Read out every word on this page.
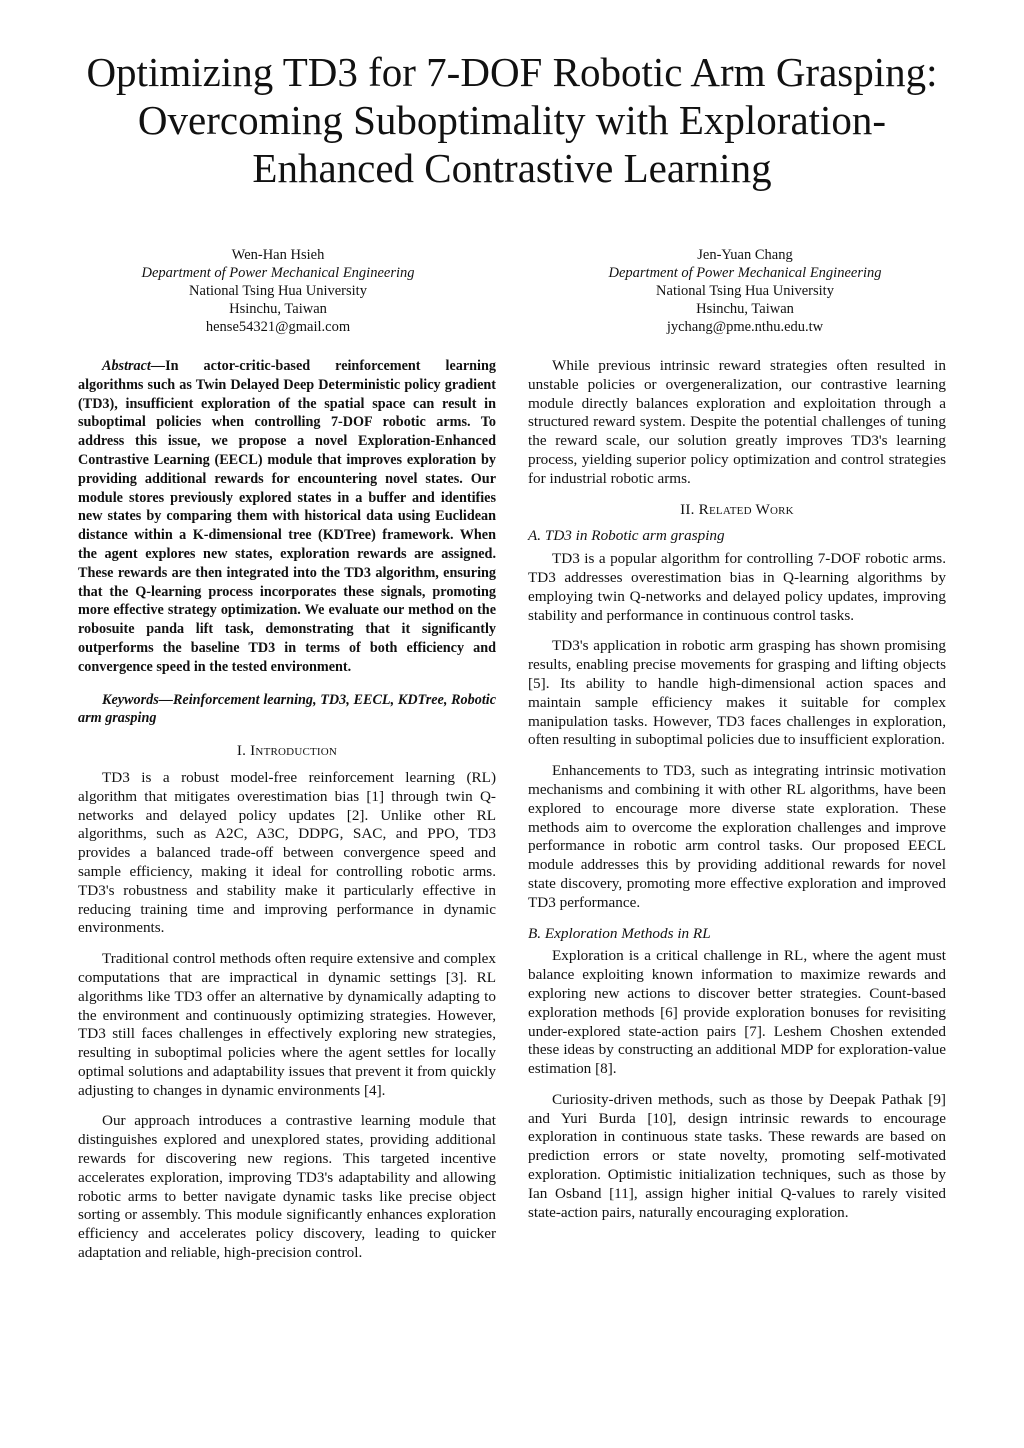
Optimizing TD3 for 7-DOF Robotic Arm Grasping: Overcoming Suboptimality with Exploration-Enhanced Contrastive Learning
Wen-Han Hsieh
Department of Power Mechanical Engineering
National Tsing Hua University
Hsinchu, Taiwan
hense54321@gmail.com
Jen-Yuan Chang
Department of Power Mechanical Engineering
National Tsing Hua University
Hsinchu, Taiwan
jychang@pme.nthu.edu.tw

Abstract—In actor-critic-based reinforcement learning algorithms such as Twin Delayed Deep Deterministic policy gradient (TD3), insufficient exploration of the spatial space can result in suboptimal policies when controlling 7-DOF robotic arms. To address this issue, we propose a novel Exploration-Enhanced Contrastive Learning (EECL) module that improves exploration by providing additional rewards for encountering novel states. Our module stores previously explored states in a buffer and identifies new states by comparing them with historical data using Euclidean distance within a K-dimensional tree (KDTree) framework. When the agent explores new states, exploration rewards are assigned. These rewards are then integrated into the TD3 algorithm, ensuring that the Q-learning process incorporates these signals, promoting more effective strategy optimization. We evaluate our method on the robosuite panda lift task, demonstrating that it significantly outperforms the baseline TD3 in terms of both efficiency and convergence speed in the tested environment.

Keywords—Reinforcement learning, TD3, EECL, KDTree, Robotic arm grasping

I. Introduction

TD3 is a robust model-free reinforcement learning (RL) algorithm that mitigates overestimation bias [1] through twin Q-networks and delayed policy updates [2]. Unlike other RL algorithms, such as A2C, A3C, DDPG, SAC, and PPO, TD3 provides a balanced trade-off between convergence speed and sample efficiency, making it ideal for controlling robotic arms. TD3's robustness and stability make it particularly effective in reducing training time and improving performance in dynamic environments.

Traditional control methods often require extensive and complex computations that are impractical in dynamic settings [3]. RL algorithms like TD3 offer an alternative by dynamically adapting to the environment and continuously optimizing strategies. However, TD3 still faces challenges in effectively exploring new strategies, resulting in suboptimal policies where the agent settles for locally optimal solutions and adaptability issues that prevent it from quickly adjusting to changes in dynamic environments [4].

Our approach introduces a contrastive learning module that distinguishes explored and unexplored states, providing additional rewards for discovering new regions. This targeted incentive accelerates exploration, improving TD3's adaptability and allowing robotic arms to better navigate dynamic tasks like precise object sorting or assembly. This module significantly enhances exploration efficiency and accelerates policy discovery, leading to quicker adaptation and reliable, high-precision control.

While previous intrinsic reward strategies often resulted in unstable policies or overgeneralization, our contrastive learning module directly balances exploration and exploitation through a structured reward system. Despite the potential challenges of tuning the reward scale, our solution greatly improves TD3's learning process, yielding superior policy optimization and control strategies for industrial robotic arms.

II. Related Work
A. TD3 in Robotic arm grasping

TD3 is a popular algorithm for controlling 7-DOF robotic arms. TD3 addresses overestimation bias in Q-learning algorithms by employing twin Q-networks and delayed policy updates, improving stability and performance in continuous control tasks.

TD3's application in robotic arm grasping has shown promising results, enabling precise movements for grasping and lifting objects [5]. Its ability to handle high-dimensional action spaces and maintain sample efficiency makes it suitable for complex manipulation tasks. However, TD3 faces challenges in exploration, often resulting in suboptimal policies due to insufficient exploration.

Enhancements to TD3, such as integrating intrinsic motivation mechanisms and combining it with other RL algorithms, have been explored to encourage more diverse state exploration. These methods aim to overcome the exploration challenges and improve performance in robotic arm control tasks. Our proposed EECL module addresses this by providing additional rewards for novel state discovery, promoting more effective exploration and improved TD3 performance.

B. Exploration Methods in RL

Exploration is a critical challenge in RL, where the agent must balance exploiting known information to maximize rewards and exploring new actions to discover better strategies. Count-based exploration methods [6] provide exploration bonuses for revisiting under-explored state-action pairs [7]. Leshem Choshen extended these ideas by constructing an additional MDP for exploration-value estimation [8].

Curiosity-driven methods, such as those by Deepak Pathak [9] and Yuri Burda [10], design intrinsic rewards to encourage exploration in continuous state tasks. These rewards are based on prediction errors or state novelty, promoting self-motivated exploration. Optimistic initialization techniques, such as those by Ian Osband [11], assign higher initial Q-values to rarely visited state-action pairs, naturally encouraging exploration.
